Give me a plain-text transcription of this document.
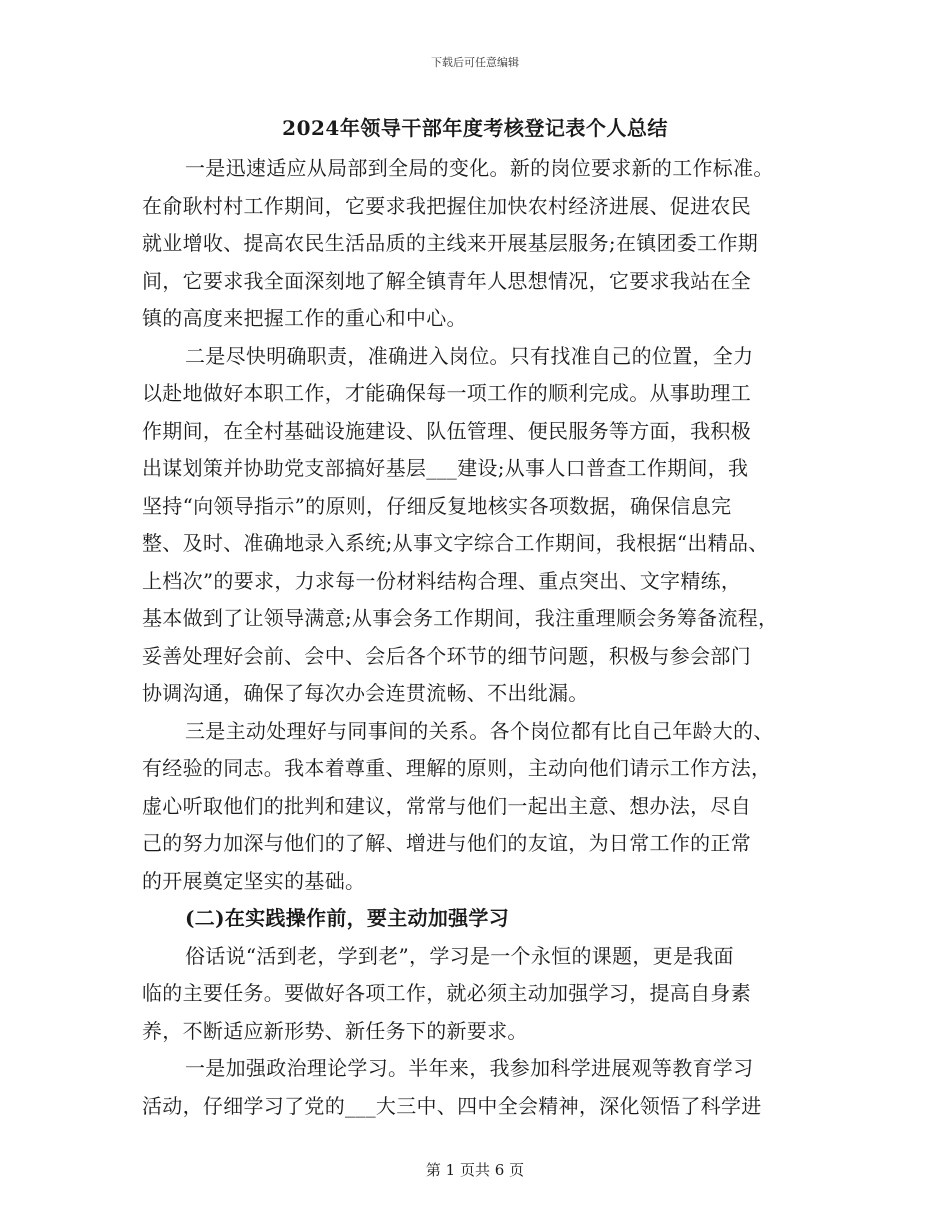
下载后可任意编辑
2024年领导干部年度考核登记表个人总结
一是迅速适应从局部到全局的变化。新的岗位要求新的工作标准。
在俞耿村村工作期间，它要求我把握住加快农村经济进展、促进农民
就业增收、提高农民生活品质的主线来开展基层服务;在镇团委工作期
间，它要求我全面深刻地了解全镇青年人思想情况，它要求我站在全
镇的高度来把握工作的重心和中心。
二是尽快明确职责，准确进入岗位。只有找准自己的位置，全力
以赴地做好本职工作，才能确保每一项工作的顺利完成。从事助理工
作期间，在全村基础设施建设、队伍管理、便民服务等方面，我积极
出谋划策并协助党支部搞好基层___建设;从事人口普查工作期间，我
坚持“向领导指示”的原则，仔细反复地核实各项数据，确保信息完
整、及时、准确地录入系统;从事文字综合工作期间，我根据“出精品、
上档次”的要求，力求每一份材料结构合理、重点突出、文字精练，
基本做到了让领导满意;从事会务工作期间，我注重理顺会务筹备流程，
妥善处理好会前、会中、会后各个环节的细节问题，积极与参会部门
协调沟通，确保了每次办会连贯流畅、不出纰漏。
三是主动处理好与同事间的关系。各个岗位都有比自己年龄大的、
有经验的同志。我本着尊重、理解的原则，主动向他们请示工作方法，
虚心听取他们的批判和建议，常常与他们一起出主意、想办法，尽自
己的努力加深与他们的了解、增进与他们的友谊，为日常工作的正常
的开展奠定坚实的基础。
(二)在实践操作前，要主动加强学习
俗话说“活到老，学到老”，学习是一个永恒的课题，更是我面
临的主要任务。要做好各项工作，就必须主动加强学习，提高自身素
养，不断适应新形势、新任务下的新要求。
一是加强政治理论学习。半年来，我参加科学进展观等教育学习
活动，仔细学习了党的___大三中、四中全会精神，深化领悟了科学进
第 1 页共 6 页
